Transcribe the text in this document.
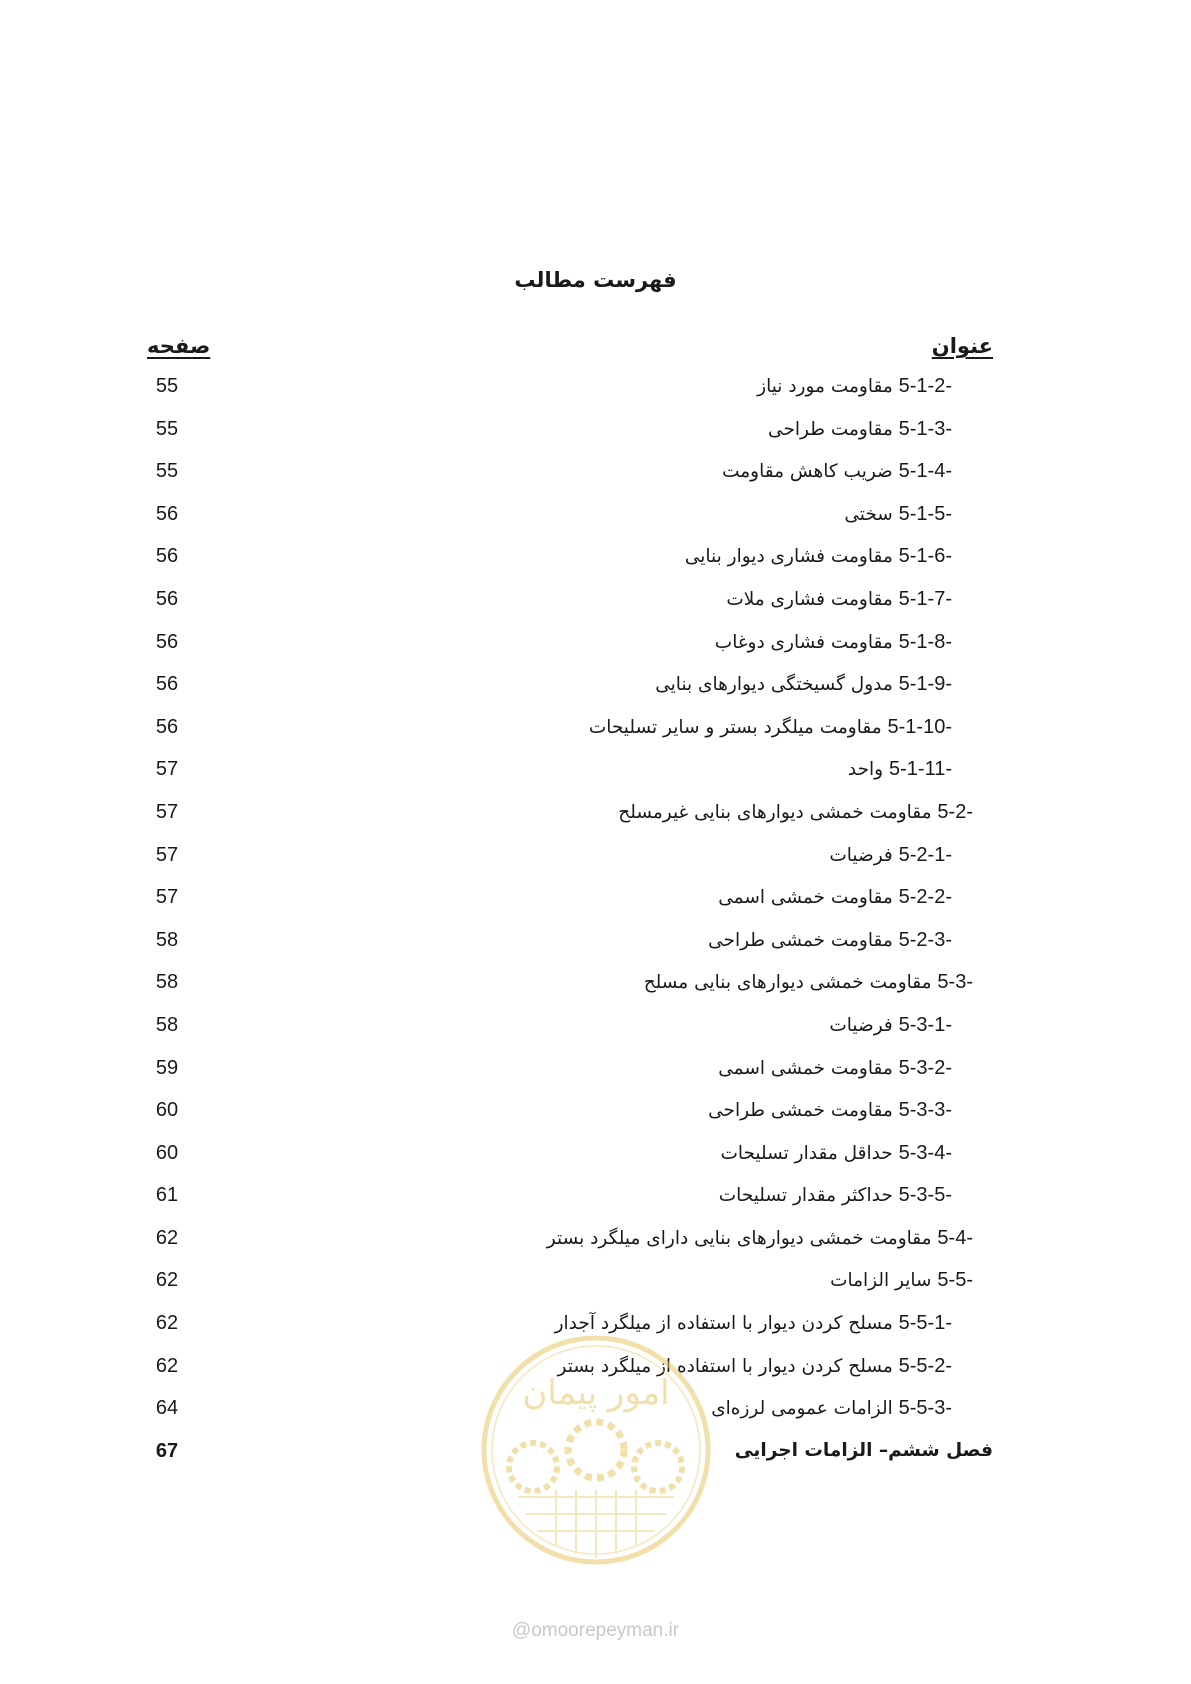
فهرست مطالب
عنوان
صفحه
5-1-2- مقاومت مورد نیاز
55
5-1-3- مقاومت طراحی
55
5-1-4- ضریب کاهش مقاومت
55
5-1-5- سختی
56
5-1-6- مقاومت فشاری دیوار بنایی
56
5-1-7- مقاومت فشاری ملات
56
5-1-8- مقاومت فشاری دوغاب
56
5-1-9- مدول گسیختگی دیوارهای بنایی
56
5-1-10- مقاومت میلگرد بستر و سایر تسلیحات
56
5-1-11- واحد
57
5-2- مقاومت خمشی دیوارهای بنایی غیرمسلح
57
5-2-1- فرضیات
57
5-2-2- مقاومت خمشی اسمی
57
5-2-3- مقاومت خمشی طراحی
58
5-3- مقاومت خمشی دیوارهای بنایی مسلح
58
5-3-1- فرضیات
58
5-3-2- مقاومت خمشی اسمی
59
5-3-3- مقاومت خمشی طراحی
60
5-3-4- حداقل مقدار تسلیحات
60
5-3-5- حداکثر مقدار تسلیحات
61
5-4- مقاومت خمشی دیوارهای بنایی دارای میلگرد بستر
62
5-5- سایر الزامات
62
5-5-1- مسلح کردن دیوار با استفاده از میلگرد آجدار
62
5-5-2- مسلح کردن دیوار با استفاده از میلگرد بستر
62
5-5-3- الزامات عمومی لرزه‌ای
64
فصل ششم– الزامات اجرایی
67
امور پیمان
@omoorepeyman.ir
